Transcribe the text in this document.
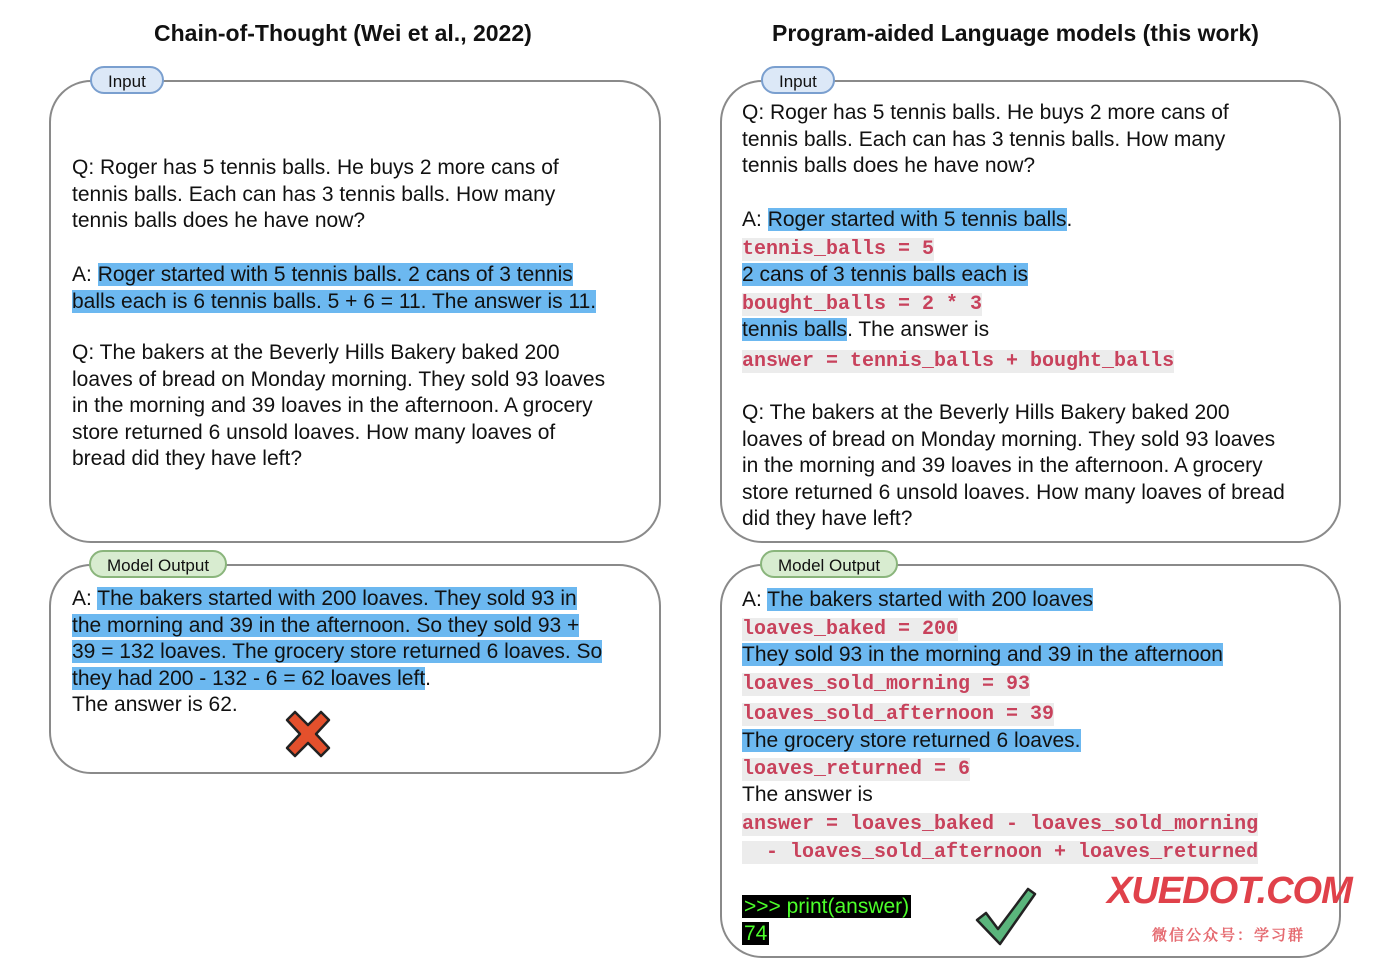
Chain-of-Thought (Wei et al., 2022)
Q: Roger has 5 tennis balls. He buys 2 more cans of
tennis balls. Each can has 3 tennis balls. How many
tennis balls does he have now?
A: Roger started with 5 tennis balls. 2 cans of 3 tennis
balls each is 6 tennis balls. 5 + 6 = 11. The answer is 11.
Q: The bakers at the Beverly Hills Bakery baked 200
loaves of bread on Monday morning. They sold 93 loaves
in the morning and 39 loaves in the afternoon. A grocery
store returned 6 unsold loaves. How many loaves of
bread did they have left?
Input
A: The bakers started with 200 loaves. They sold 93 in
the morning and 39 in the afternoon. So they sold 93 +
39 = 132 loaves. The grocery store returned 6 loaves. So
they had 200 - 132 - 6 = 62 loaves left.
The answer is 62.
Model Output
Program-aided Language models (this work)
Q: Roger has 5 tennis balls. He buys 2 more cans of
tennis balls. Each can has 3 tennis balls. How many
tennis balls does he have now?
A: Roger started with 5 tennis balls.
tennis_balls = 5
2 cans of 3 tennis balls each is
bought_balls = 2 * 3
tennis balls. The answer is
answer = tennis_balls + bought_balls
Q: The bakers at the Beverly Hills Bakery baked 200
loaves of bread on Monday morning. They sold 93 loaves
in the morning and 39 loaves in the afternoon. A grocery
store returned 6 unsold loaves. How many loaves of bread
did they have left?
Input
A: The bakers started with 200 loaves
loaves_baked = 200
They sold 93 in the morning and 39 in the afternoon
loaves_sold_morning = 93
loaves_sold_afternoon = 39
The grocery store returned 6 loaves.
loaves_returned = 6
The answer is
answer = loaves_baked - loaves_sold_morning
- loaves_sold_afternoon + loaves_returned
>>> print(answer)
74
XUEDOT.COM
微信公众号：学习群
Model Output
